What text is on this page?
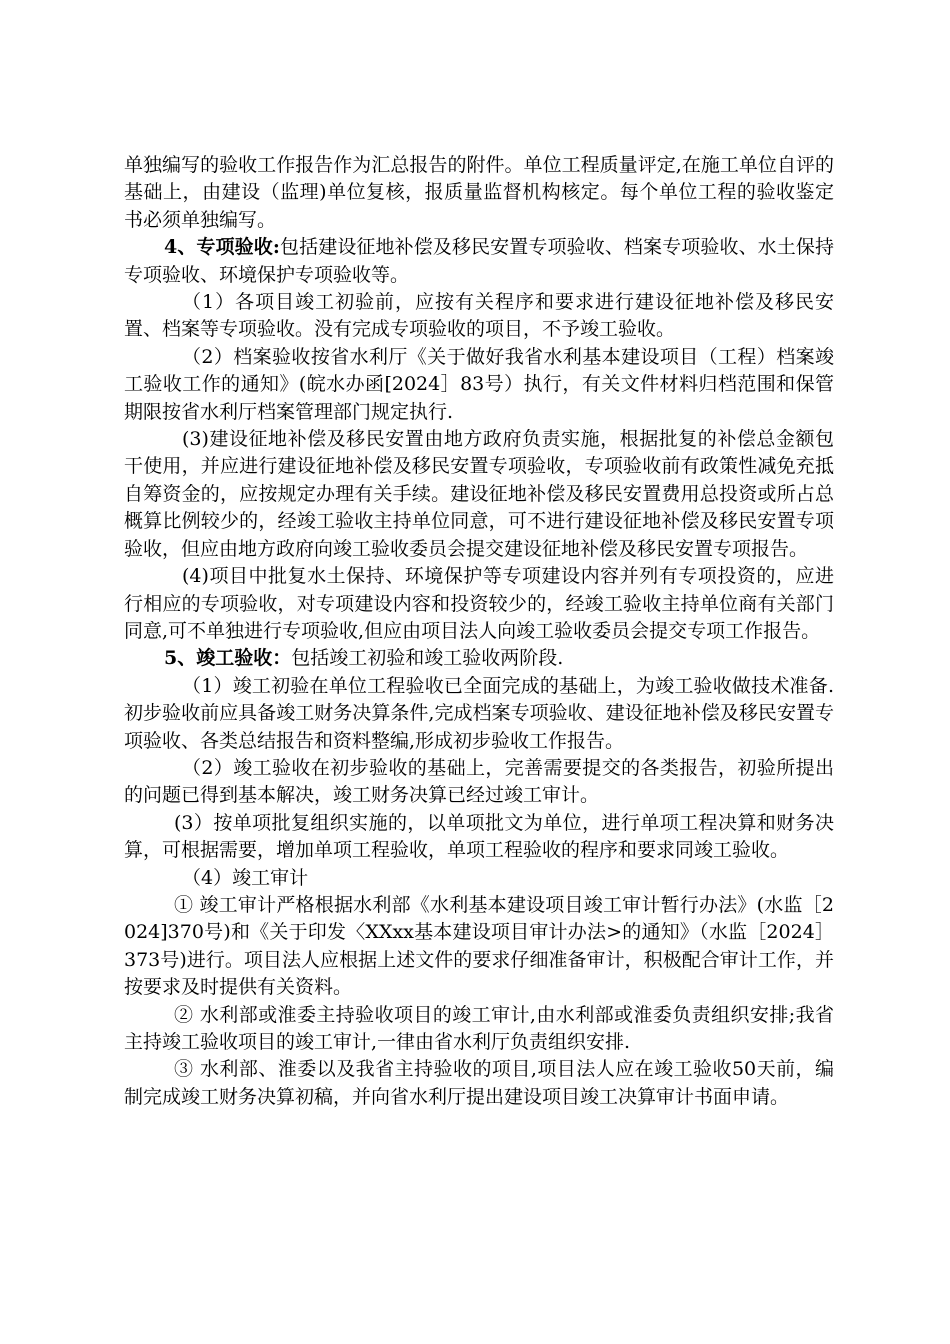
单独编写的验收工作报告作为汇总报告的附件。单位工程质量评定,在施工单位自评的基础上，由建设（监理)单位复核，报质量监督机构核定。每个单位工程的验收鉴定书必须单独编写。

4、专项验收:包括建设征地补偿及移民安置专项验收、档案专项验收、水土保持专项验收、环境保护专项验收等。

（1）各项目竣工初验前，应按有关程序和要求进行建设征地补偿及移民安置、档案等专项验收。没有完成专项验收的项目，不予竣工验收。

（2）档案验收按省水利厅《关于做好我省水利基本建设项目（工程）档案竣工验收工作的通知》(皖水办函[2024］83号）执行，有关文件材料归档范围和保管期限按省水利厅档案管理部门规定执行.

(3)建设征地补偿及移民安置由地方政府负责实施，根据批复的补偿总金额包干使用，并应进行建设征地补偿及移民安置专项验收，专项验收前有政策性减免充抵自筹资金的，应按规定办理有关手续。建设征地补偿及移民安置费用总投资或所占总概算比例较少的，经竣工验收主持单位同意，可不进行建设征地补偿及移民安置专项验收，但应由地方政府向竣工验收委员会提交建设征地补偿及移民安置专项报告。

(4)项目中批复水土保持、环境保护等专项建设内容并列有专项投资的，应进行相应的专项验收，对专项建设内容和投资较少的，经竣工验收主持单位商有关部门同意,可不单独进行专项验收,但应由项目法人向竣工验收委员会提交专项工作报告。

5、竣工验收：包括竣工初验和竣工验收两阶段.

（1）竣工初验在单位工程验收已全面完成的基础上，为竣工验收做技术准备.初步验收前应具备竣工财务决算条件,完成档案专项验收、建设征地补偿及移民安置专项验收、各类总结报告和资料整编,形成初步验收工作报告。

（2）竣工验收在初步验收的基础上，完善需要提交的各类报告，初验所提出的问题已得到基本解决，竣工财务决算已经过竣工审计。

(3）按单项批复组织实施的，以单项批文为单位，进行单项工程决算和财务决算，可根据需要，增加单项工程验收，单项工程验收的程序和要求同竣工验收。

（4）竣工审计

① 竣工审计严格根据水利部《水利基本建设项目竣工审计暂行办法》(水监［2024]370号)和《关于印发〈XXxx基本建设项目审计办法>的通知》（水监［2024］373号)进行。项目法人应根据上述文件的要求仔细准备审计，积极配合审计工作，并按要求及时提供有关资料。

② 水利部或淮委主持验收项目的竣工审计,由水利部或淮委负责组织安排;我省主持竣工验收项目的竣工审计,一律由省水利厅负责组织安排.

③ 水利部、淮委以及我省主持验收的项目,项目法人应在竣工验收50天前，编制完成竣工财务决算初稿，并向省水利厅提出建设项目竣工决算审计书面申请。
